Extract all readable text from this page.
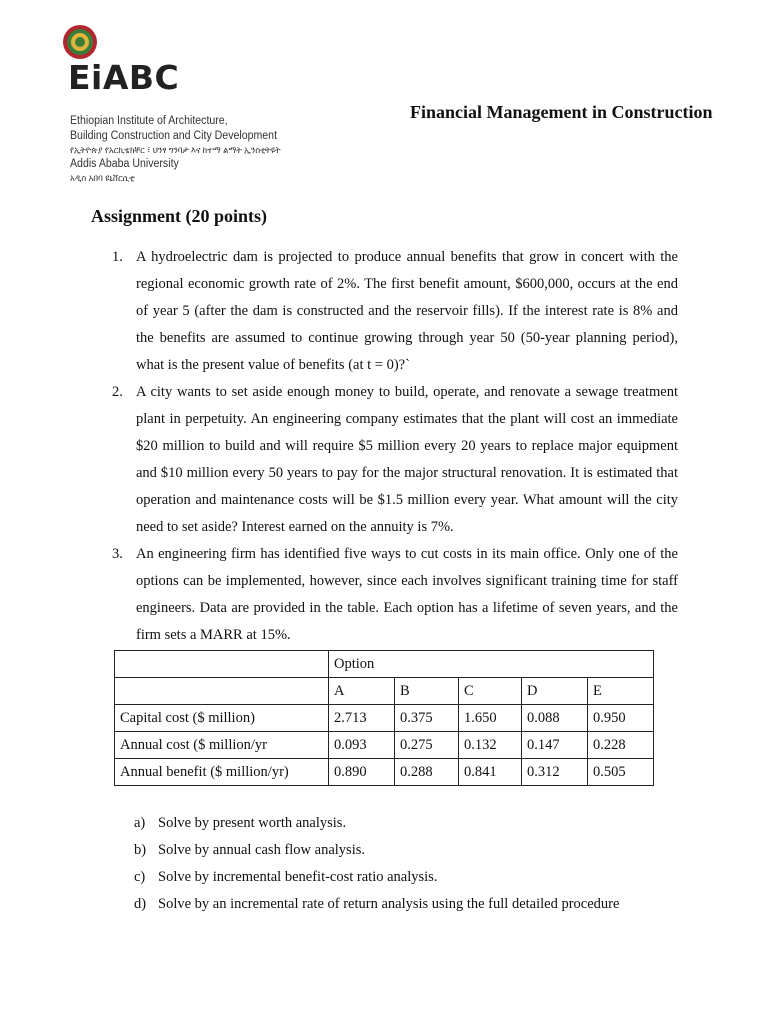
EiABC
Ethiopian Institute of Architecture,
Building Construction and City Development
የኢትዮጵያ የአርኪቴክቸር ፣ ህንፃ ግንባታ እና ከተማ ልማት ኢንስቲትዩት
Addis Ababa University
አዲስ አበባ ዩኒቨርሲቲ
Financial Management in Construction
Assignment (20 points)
1. A hydroelectric dam is projected to produce annual benefits that grow in concert with the regional economic growth rate of 2%. The first benefit amount, $600,000, occurs at the end of year 5 (after the dam is constructed and the reservoir fills). If the interest rate is 8% and the benefits are assumed to continue growing through year 50 (50-year planning period), what is the present value of benefits (at t = 0)?`
2. A city wants to set aside enough money to build, operate, and renovate a sewage treatment plant in perpetuity. An engineering company estimates that the plant will cost an immediate $20 million to build and will require $5 million every 20 years to replace major equipment and $10 million every 50 years to pay for the major structural renovation. It is estimated that operation and maintenance costs will be $1.5 million every year. What amount will the city need to set aside? Interest earned on the annuity is 7%.
3. An engineering firm has identified five ways to cut costs in its main office. Only one of the options can be implemented, however, since each involves significant training time for staff engineers. Data are provided in the table. Each option has a lifetime of seven years, and the firm sets a MARR at 15%.
	Option				
	A	B	C	D	E
Capital cost ($ million)	2.713	0.375	1.650	0.088	0.950
Annual cost ($ million/yr	0.093	0.275	0.132	0.147	0.228
Annual benefit ($ million/yr)	0.890	0.288	0.841	0.312	0.505
a) Solve by present worth analysis.
b) Solve by annual cash flow analysis.
c) Solve by incremental benefit-cost ratio analysis.
d) Solve by an incremental rate of return analysis using the full detailed procedure
